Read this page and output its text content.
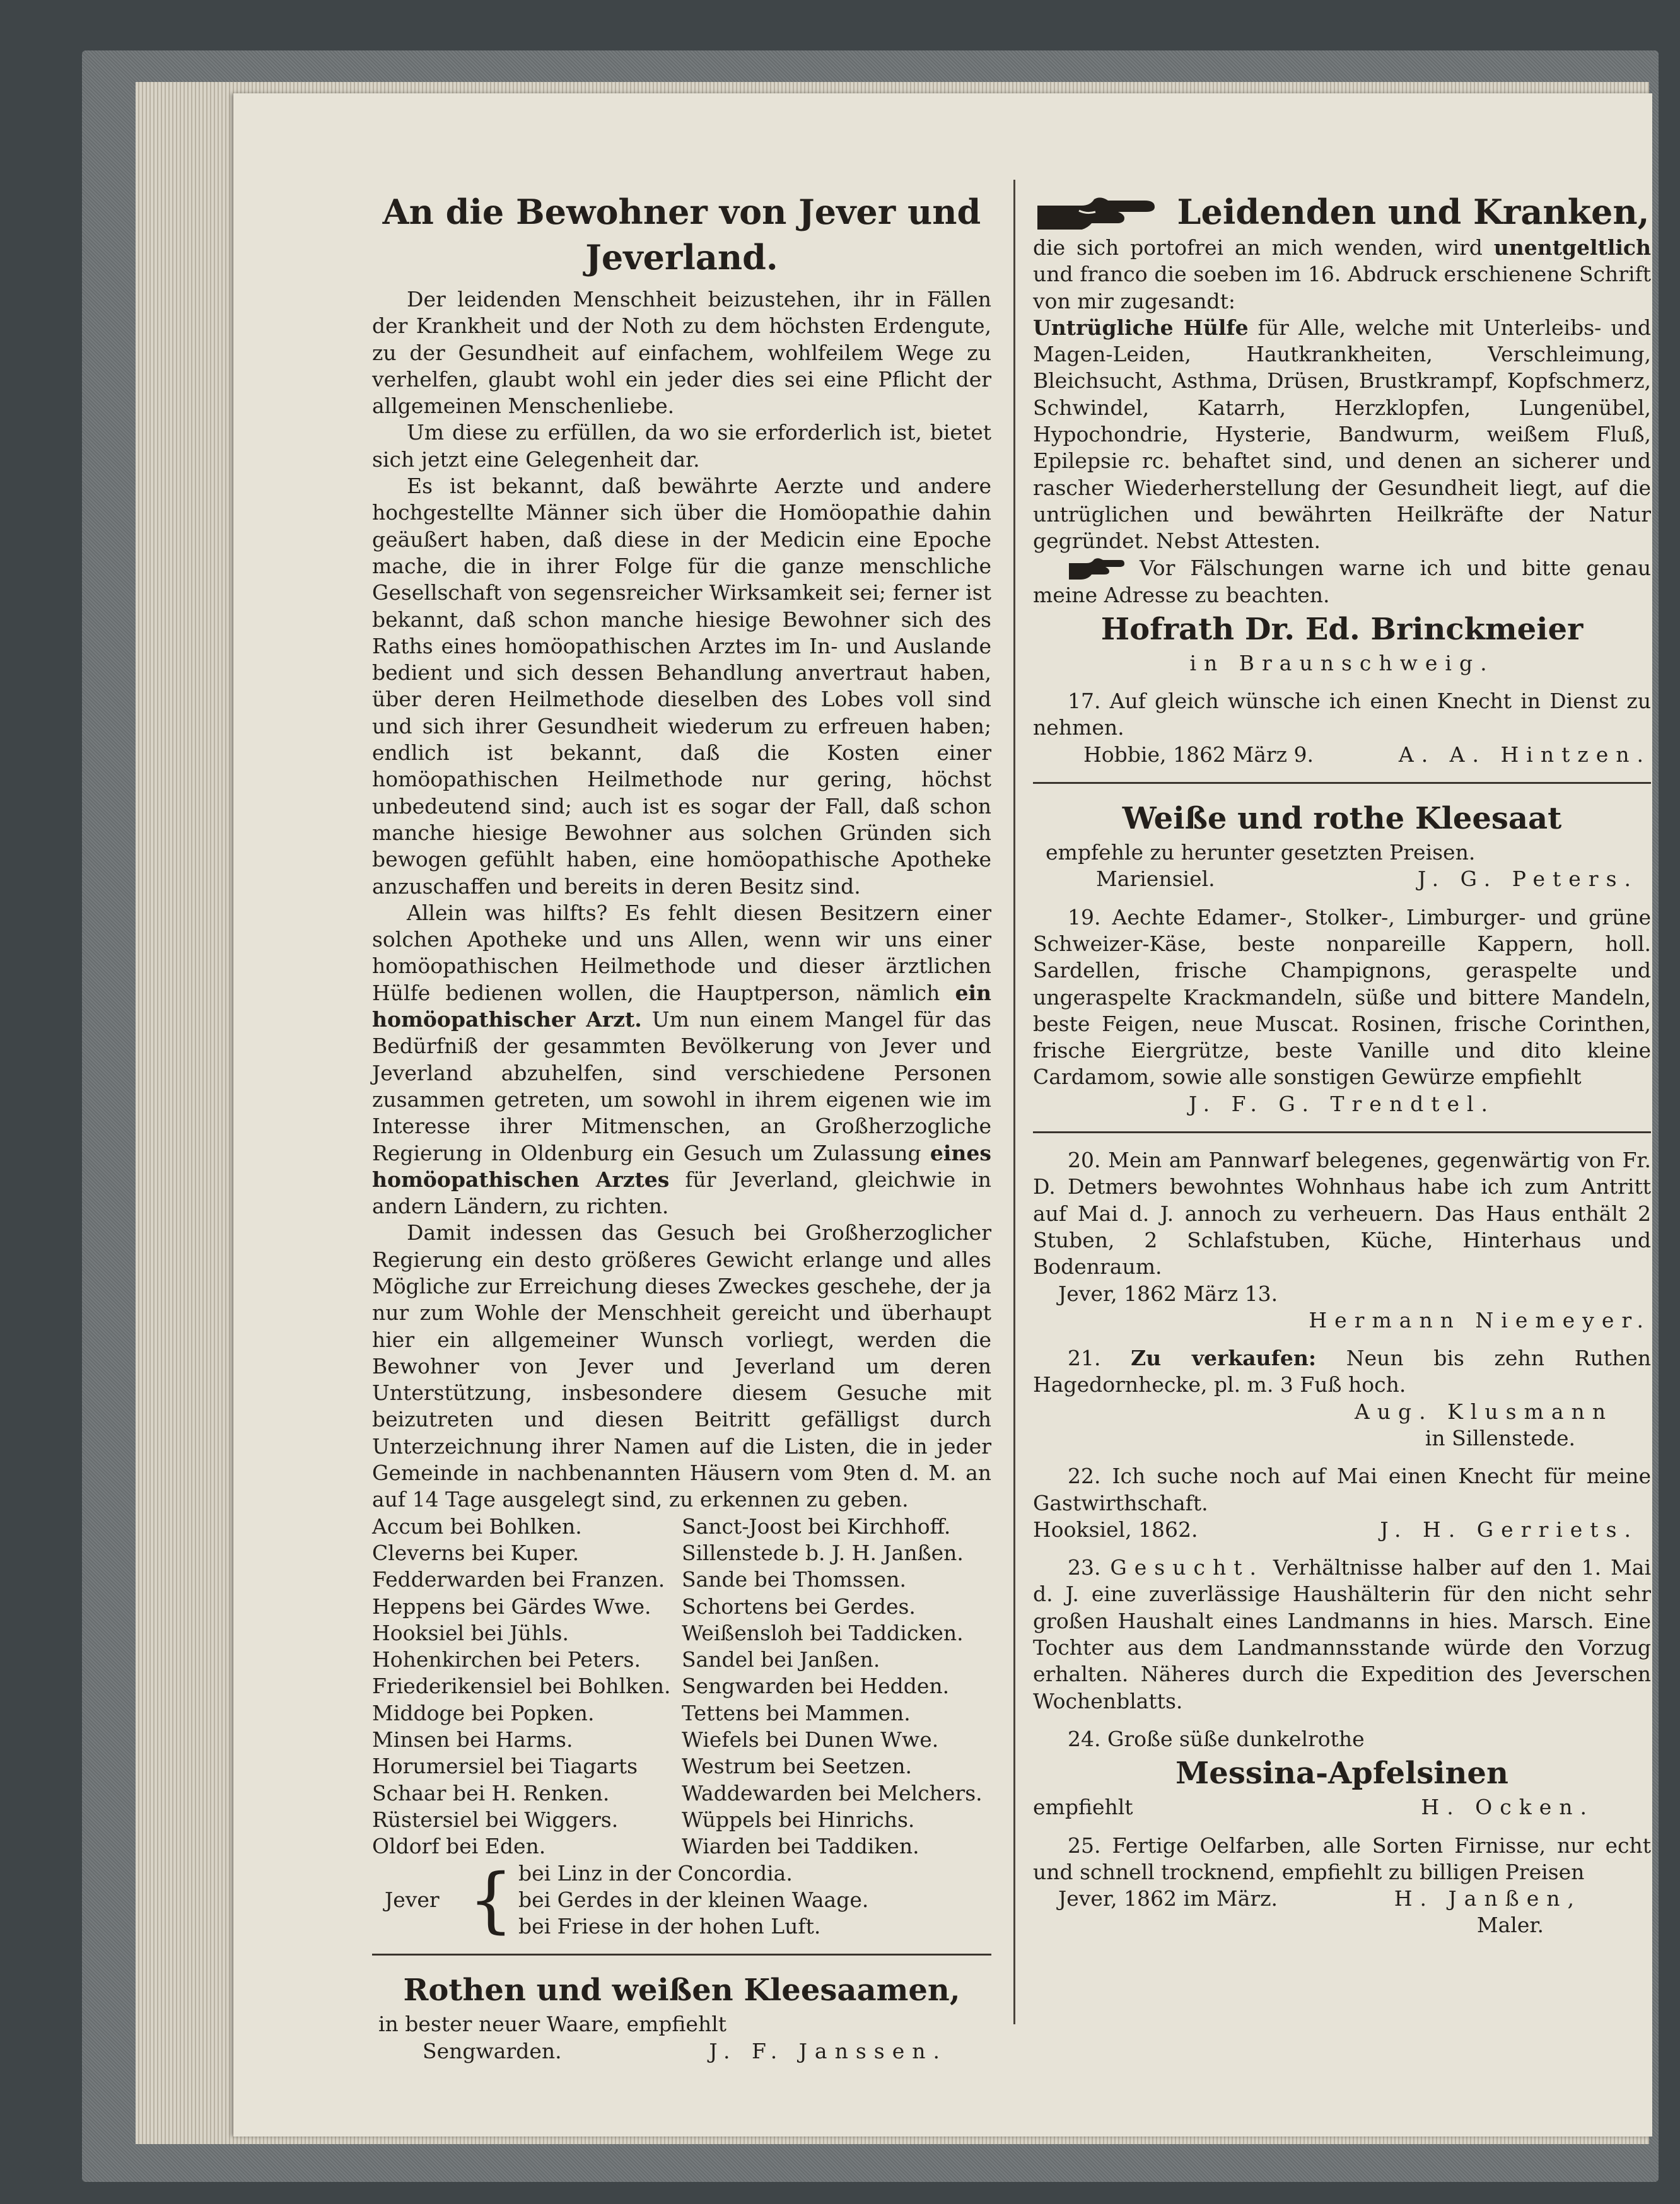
An die Bewohner von Jever und Jeverland.

Der leidenden Menschheit beizustehen, ihr in Fällen der Krankheit und der Noth zu dem höchsten Erdengute, zu der Gesundheit auf einfachem, wohlfeilem Wege zu verhelfen, glaubt wohl ein jeder dies sei eine Pflicht der allgemeinen Menschenliebe.

Um diese zu erfüllen, da wo sie erforderlich ist, bietet sich jetzt eine Gelegenheit dar.

Es ist bekannt, daß bewährte Aerzte und andere hochgestellte Männer sich über die Homöopathie dahin geäußert haben, daß diese in der Medicin eine Epoche mache, die in ihrer Folge für die ganze menschliche Gesellschaft von segensreicher Wirksamkeit sei; ferner ist bekannt, daß schon manche hiesige Bewohner sich des Raths eines homöopathischen Arztes im In- und Auslande bedient und sich dessen Behandlung anvertraut haben, über deren Heilmethode dieselben des Lobes voll sind und sich ihrer Gesundheit wiederum zu erfreuen haben; endlich ist bekannt, daß die Kosten einer homöopathischen Heilmethode nur gering, höchst unbedeutend sind; auch ist es sogar der Fall, daß schon manche hiesige Bewohner aus solchen Gründen sich bewogen gefühlt haben, eine homöopathische Apotheke anzuschaffen und bereits in deren Besitz sind.

Allein was hilfts? Es fehlt diesen Besitzern einer solchen Apotheke und uns Allen, wenn wir uns einer homöopathischen Heilmethode und dieser ärztlichen Hülfe bedienen wollen, die Hauptperson, nämlich ein homöopathischer Arzt. Um nun einem Mangel für das Bedürfniß der gesammten Bevölkerung von Jever und Jeverland abzuhelfen, sind verschiedene Personen zusammen getreten, um sowohl in ihrem eigenen wie im Interesse ihrer Mitmenschen, an Großherzogliche Regierung in Oldenburg ein Gesuch um Zulassung eines homöopathischen Arztes für Jeverland, gleichwie in andern Ländern, zu richten.

Damit indessen das Gesuch bei Großherzoglicher Regierung ein desto größeres Gewicht erlange und alles Mögliche zur Erreichung dieses Zweckes geschehe, der ja nur zum Wohle der Menschheit gereicht und überhaupt hier ein allgemeiner Wunsch vorliegt, werden die Bewohner von Jever und Jeverland um deren Unterstützung, insbesondere diesem Gesuche mit beizutreten und diesen Beitritt gefälligst durch Unterzeichnung ihrer Namen auf die Listen, die in jeder Gemeinde in nachbenannten Häusern vom 9ten d. M. an auf 14 Tage ausgelegt sind, zu erkennen zu geben.

Accum bei Bohlken.	Sanct-Joost bei Kirchhoff.
Cleverns bei Kuper.	Sillenstede b. J. H. Janßen.
Fedderwarden bei Franzen. Sande bei Thomssen.
Heppens bei Gärdes Wwe.	Schortens bei Gerdes.
Hooksiel bei Jühls.	Weißensloh bei Taddicken.
Hohenkirchen bei Peters.	Sandel bei Janßen.
Friederikensiel bei Bohlken. Sengwarden bei Hedden.
Middoge bei Popken.	Tettens bei Mammen.
Minsen bei Harms.	Wiefels bei Dunen Wwe.
Horumersiel bei Tiagarts	Westrum bei Seetzen.
Schaar bei H. Renken.	Waddewarden bei Melchers.
Rüstersiel bei Wiggers.	Wüppels bei Hinrichs.
Oldorf bei Eden.	Wiarden bei Taddiken.
Jever { bei Linz in der Concordia.
bei Gerdes in der kleinen Waage.
bei Friese in der hohen Luft.

Rothen und weißen Kleesaamen,

in bester neuer Waare, empfiehlt

Sengwarden.	J. F. Janssen.

Leidenden und Kranken,

die sich portofrei an mich wenden, wird unentgeltlich und franco die soeben im 16. Abdruck erschienene Schrift von mir zugesandt:

Untrügliche Hülfe für Alle, welche mit Unterleibs- und Magen-Leiden, Hautkrankheiten, Verschleimung, Bleichsucht, Asthma, Drüsen, Brustkrampf, Kopfschmerz, Schwindel, Katarrh, Herzklopfen, Lungenübel, Hypochondrie, Hysterie, Bandwurm, weißem Fluß, Epilepsie rc. behaftet sind, und denen an sicherer und rascher Wiederherstellung der Gesundheit liegt, auf die untrüglichen und bewährten Heilkräfte der Natur gegründet. Nebst Attesten.

Vor Fälschungen warne ich und bitte genau meine Adresse zu beachten.

Hofrath Dr. Ed. Brinckmeier

in Braunschweig.

17. Auf gleich wünsche ich einen Knecht in Dienst zu nehmen.

Hobbie, 1862 März 9.	A. A. Hintzen.

Weiße und rothe Kleesaat

empfehle zu herunter gesetzten Preisen.

Mariensiel.	J. G. Peters.

19. Aechte Edamer-, Stolker-, Limburger- und grüne Schweizer-Käse, beste nonpareille Kappern, holl. Sardellen, frische Champignons, geraspelte und ungeraspelte Krackmandeln, süße und bittere Mandeln, beste Feigen, neue Muscat. Rosinen, frische Corinthen, frische Eiergrütze, beste Vanille und dito kleine Cardamom, sowie alle sonstigen Gewürze empfiehlt

J. F. G. Trendtel.

20. Mein am Pannwarf belegenes, gegenwärtig von Fr. D. Detmers bewohntes Wohnhaus habe ich zum Antritt auf Mai d. J. annoch zu verheuern. Das Haus enthält 2 Stuben, 2 Schlafstuben, Küche, Hinterhaus und Bodenraum.

Jever, 1862 März 13.

Hermann Niemeyer.

21. Zu verkaufen: Neun bis zehn Ruthen Hagedornhecke, pl. m. 3 Fuß hoch.

Aug. Klusmann

in Sillenstede.

22. Ich suche noch auf Mai einen Knecht für meine Gastwirthschaft.

Hooksiel, 1862.	J. H. Gerriets.

23. Gesucht. Verhältnisse halber auf den 1. Mai d. J. eine zuverlässige Haushälterin für den nicht sehr großen Haushalt eines Landmanns in hies. Marsch. Eine Tochter aus dem Landmannsstande würde den Vorzug erhalten. Näheres durch die Expedition des Jeverschen Wochenblatts.

24. Große süße dunkelrothe

Messina-Apfelsinen

empfiehlt	H. Ocken.

25. Fertige Oelfarben, alle Sorten Firnisse, nur echt und schnell trocknend, empfiehlt zu billigen Preisen

Jever, 1862 im März.	H. Janßen,

Maler.
